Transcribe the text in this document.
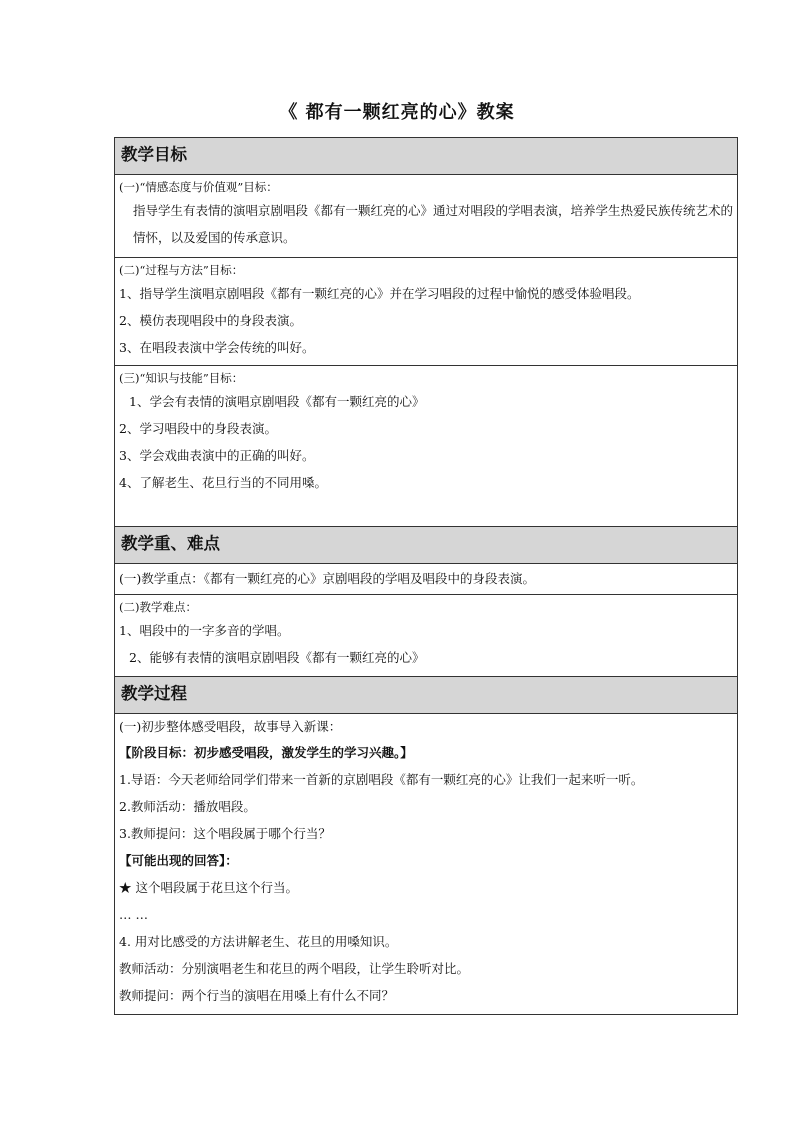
《 都有一颗红亮的心》教案
教学目标
(一)“情感态度与价值观”目标：
指导学生有表情的演唱京剧唱段《都有一颗红亮的心》通过对唱段的学唱表演，培养学生热爱民族传统艺术的情怀，以及爱国的传承意识。
(二)“过程与方法”目标：
1、指导学生演唱京剧唱段《都有一颗红亮的心》并在学习唱段的过程中愉悦的感受体验唱段。
2、模仿表现唱段中的身段表演。
3、在唱段表演中学会传统的叫好。
(三)“知识与技能”目标：
1、学会有表情的演唱京剧唱段《都有一颗红亮的心》
2、学习唱段中的身段表演。
3、学会戏曲表演中的正确的叫好。
4、了解老生、花旦行当的不同用嗓。
教学重、难点
(一)教学重点：《都有一颗红亮的心》京剧唱段的学唱及唱段中的身段表演。
(二)教学难点：
1、唱段中的一字多音的学唱。
2、能够有表情的演唱京剧唱段《都有一颗红亮的心》
教学过程
(一)初步整体感受唱段，故事导入新课：
【阶段目标：初步感受唱段，激发学生的学习兴趣。】
1.导语：今天老师给同学们带来一首新的京剧唱段《都有一颗红亮的心》让我们一起来听一听。
2.教师活动：播放唱段。
3.教师提问：这个唱段属于哪个行当？
【可能出现的回答】：
★ 这个唱段属于花旦这个行当。
… …
4. 用对比感受的方法讲解老生、花旦的用嗓知识。
教师活动：分别演唱老生和花旦的两个唱段，让学生聆听对比。
教师提问：两个行当的演唱在用嗓上有什么不同？
